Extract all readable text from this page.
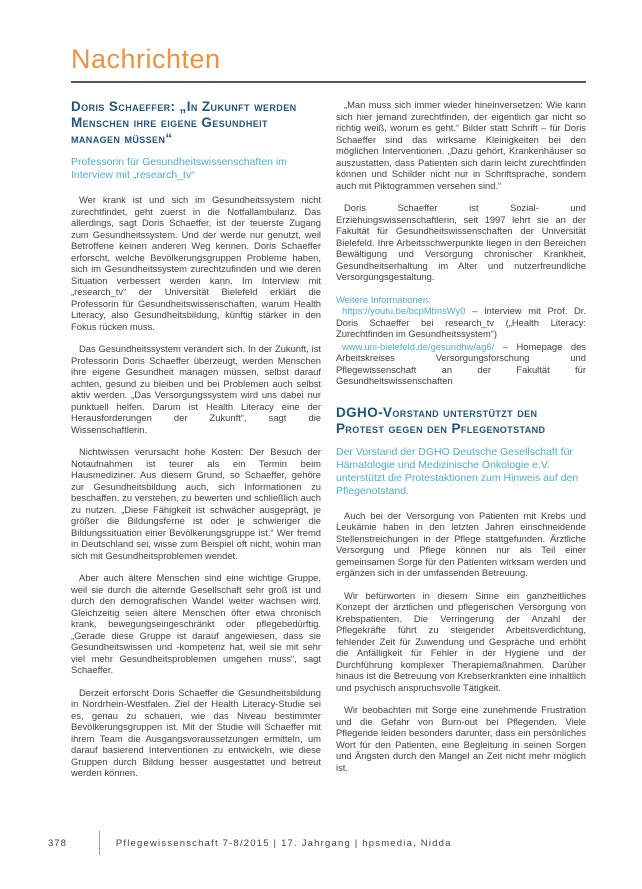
Nachrichten
Doris Schaeffer: „In Zukunft werden Menschen ihre eigene Gesundheit managen müssen“

Professorin für Gesundheitswissenschaften im Interview mit „research_tv“

Wer krank ist und sich im Gesundheitssystem nicht zurechtfindet, geht zuerst in die Notfallambulanz. Das allerdings, sagt Doris Schaeffer, ist der teuerste Zugang zum Gesundheitssystem. Und der werde nur genutzt, weil Betroffene keinen anderen Weg kennen. Doris Schaeffer erforscht, welche Bevölkerungsgruppen Probleme haben, sich im Gesundheitssystem zurechtzufinden und wie deren Situation verbessert werden kann. Im Interview mit „research_tv“ der Universität Bielefeld erklärt die Professorin für Gesundheitswissenschaften, warum Health Literacy, also Gesundheitsbildung, künftig stärker in den Fokus rücken muss.

Das Gesundheitssystem verändert sich. In der Zukunft, ist Professorin Doris Schaeffer überzeugt, werden Menschen ihre eigene Gesundheit managen müssen, selbst darauf achten, gesund zu bleiben und bei Problemen auch selbst aktiv werden. „Das Versorgungssystem wird uns dabei nur punktuell helfen. Darum ist Health Literacy eine der Herausforderungen der Zukunft“, sagt die Wissenschaftlerin.

Nichtwissen verursacht hohe Kosten: Der Besuch der Notaufnahmen ist teurer als ein Termin beim Hausmediziner. Aus diesem Grund, so Schaeffer, gehöre zur Gesundheitsbildung auch, sich Informationen zu beschaffen, zu verstehen, zu bewerten und schließlich auch zu nutzen. „Diese Fähigkeit ist schwächer ausgeprägt, je größer die Bildungsferne ist oder je schwieriger die Bildungssituation einer Bevölkerungsgruppe ist.“ Wer fremd in Deutschland sei, wisse zum Beispiel oft nicht, wohin man sich mit Gesundheitsproblemen wendet.

Aber auch ältere Menschen sind eine wichtige Gruppe, weil sie durch die alternde Gesellschaft sehr groß ist und durch den demografischen Wandel weiter wachsen wird. Gleichzeitig seien ältere Menschen öfter etwa chronisch krank, bewegungseingeschränkt oder pflegebedürftig. „Gerade diese Gruppe ist darauf angewiesen, dass sie Gesundheitswissen und -kompetenz hat, weil sie mit sehr viel mehr Gesundheitsproblemen umgehen muss“, sagt Schaeffer.

Derzeit erforscht Doris Schaeffer die Gesundheitsbildung in Nordrhein-Westfalen. Ziel der Health Literacy-Studie sei es, genau zu schauen, wie das Niveau bestimmter Bevölkerungsgruppen ist. Mit der Studie will Schaeffer mit ihrem Team die Ausgangsvoraussetzungen ermitteln, um darauf basierend Interventionen zu entwickeln, wie diese Gruppen durch Bildung besser ausgestattet und betreut werden können.

„Man muss sich immer wieder hineinversetzen: Wie kann sich hier jemand zurechtfinden, der eigentlich gar nicht so richtig weiß, worum es geht.“ Bilder statt Schrift – für Doris Schaeffer sind das wirksame Kleinigkeiten bei den möglichen Interventionen. „Dazu gehört, Krankenhäuser so auszustatten, dass Patienten sich darin leicht zurechtfinden können und Schilder nicht nur in Schriftsprache, sondern auch mit Piktogrammen versehen sind.“

Doris Schaeffer ist Sozial- und Erziehungswissenschaftlerin, seit 1997 lehrt sie an der Fakultät für Gesundheitswissenschaften der Universität Bielefeld. Ihre Arbeitsschwerpunkte liegen in den Bereichen Bewältigung und Versorgung chronischer Krankheit, Gesundheitserhaltung im Alter und nutzerfreundliche Versorgungsgestaltung.

Weitere Informationen:

https://youtu.be/bcpMbnsWy0 – Interview mit Prof. Dr. Doris Schaeffer bei research_tv („Health Literacy: Zurechtfinden im Gesundheitssystem“)

www.uni-bielefeld.de/gesundhw/ag6/ – Homepage des Arbeitskreises Versorgungsforschung und Pflegewissenschaft an der Fakultät für Gesundheitswissenschaften

DGHO-Vorstand unterstützt den Protest gegen den Pflegenotstand

Der Vorstand der DGHO Deutsche Gesellschaft für Hämatologie und Medizinische Onkologie e.V. unterstützt die Protestaktionen zum Hinweis auf den Pflegenotstand.

Auch bei der Versorgung von Patienten mit Krebs und Leukämie haben in den letzten Jahren einschneidende Stellenstreichungen in der Pflege stattgefunden. Ärztliche Versorgung und Pflege können nur als Teil einer gemeinsamen Sorge für den Patienten wirksam werden und ergänzen sich in der umfassenden Betreuung.

Wir befürworten in diesem Sinne ein ganzheitliches Konzept der ärztlichen und pflegerischen Versorgung von Krebspatienten. Die Verringerung der Anzahl der Pflegekräfte führt zu steigender Arbeitsverdichtung, fehlender Zeit für Zuwendung und Gespräche und erhöht die Anfälligkeit für Fehler in der Hygiene und der Durchführung komplexer Therapiemaßnahmen. Darüber hinaus ist die Betreuung von Krebserkrankten eine inhaltlich und psychisch anspruchsvolle Tätigkeit.

Wir beobachten mit Sorge eine zunehmende Frustration und die Gefahr von Burn-out bei Pflegenden. Viele Pflegende leiden besonders darunter, dass ein persönliches Wort für den Patienten, eine Begleitung in seinen Sorgen und Ängsten durch den Mangel an Zeit nicht mehr möglich ist.

378	Pflegewissenschaft 7-8/2015 | 17. Jahrgang | hpsmedia, Nidda
